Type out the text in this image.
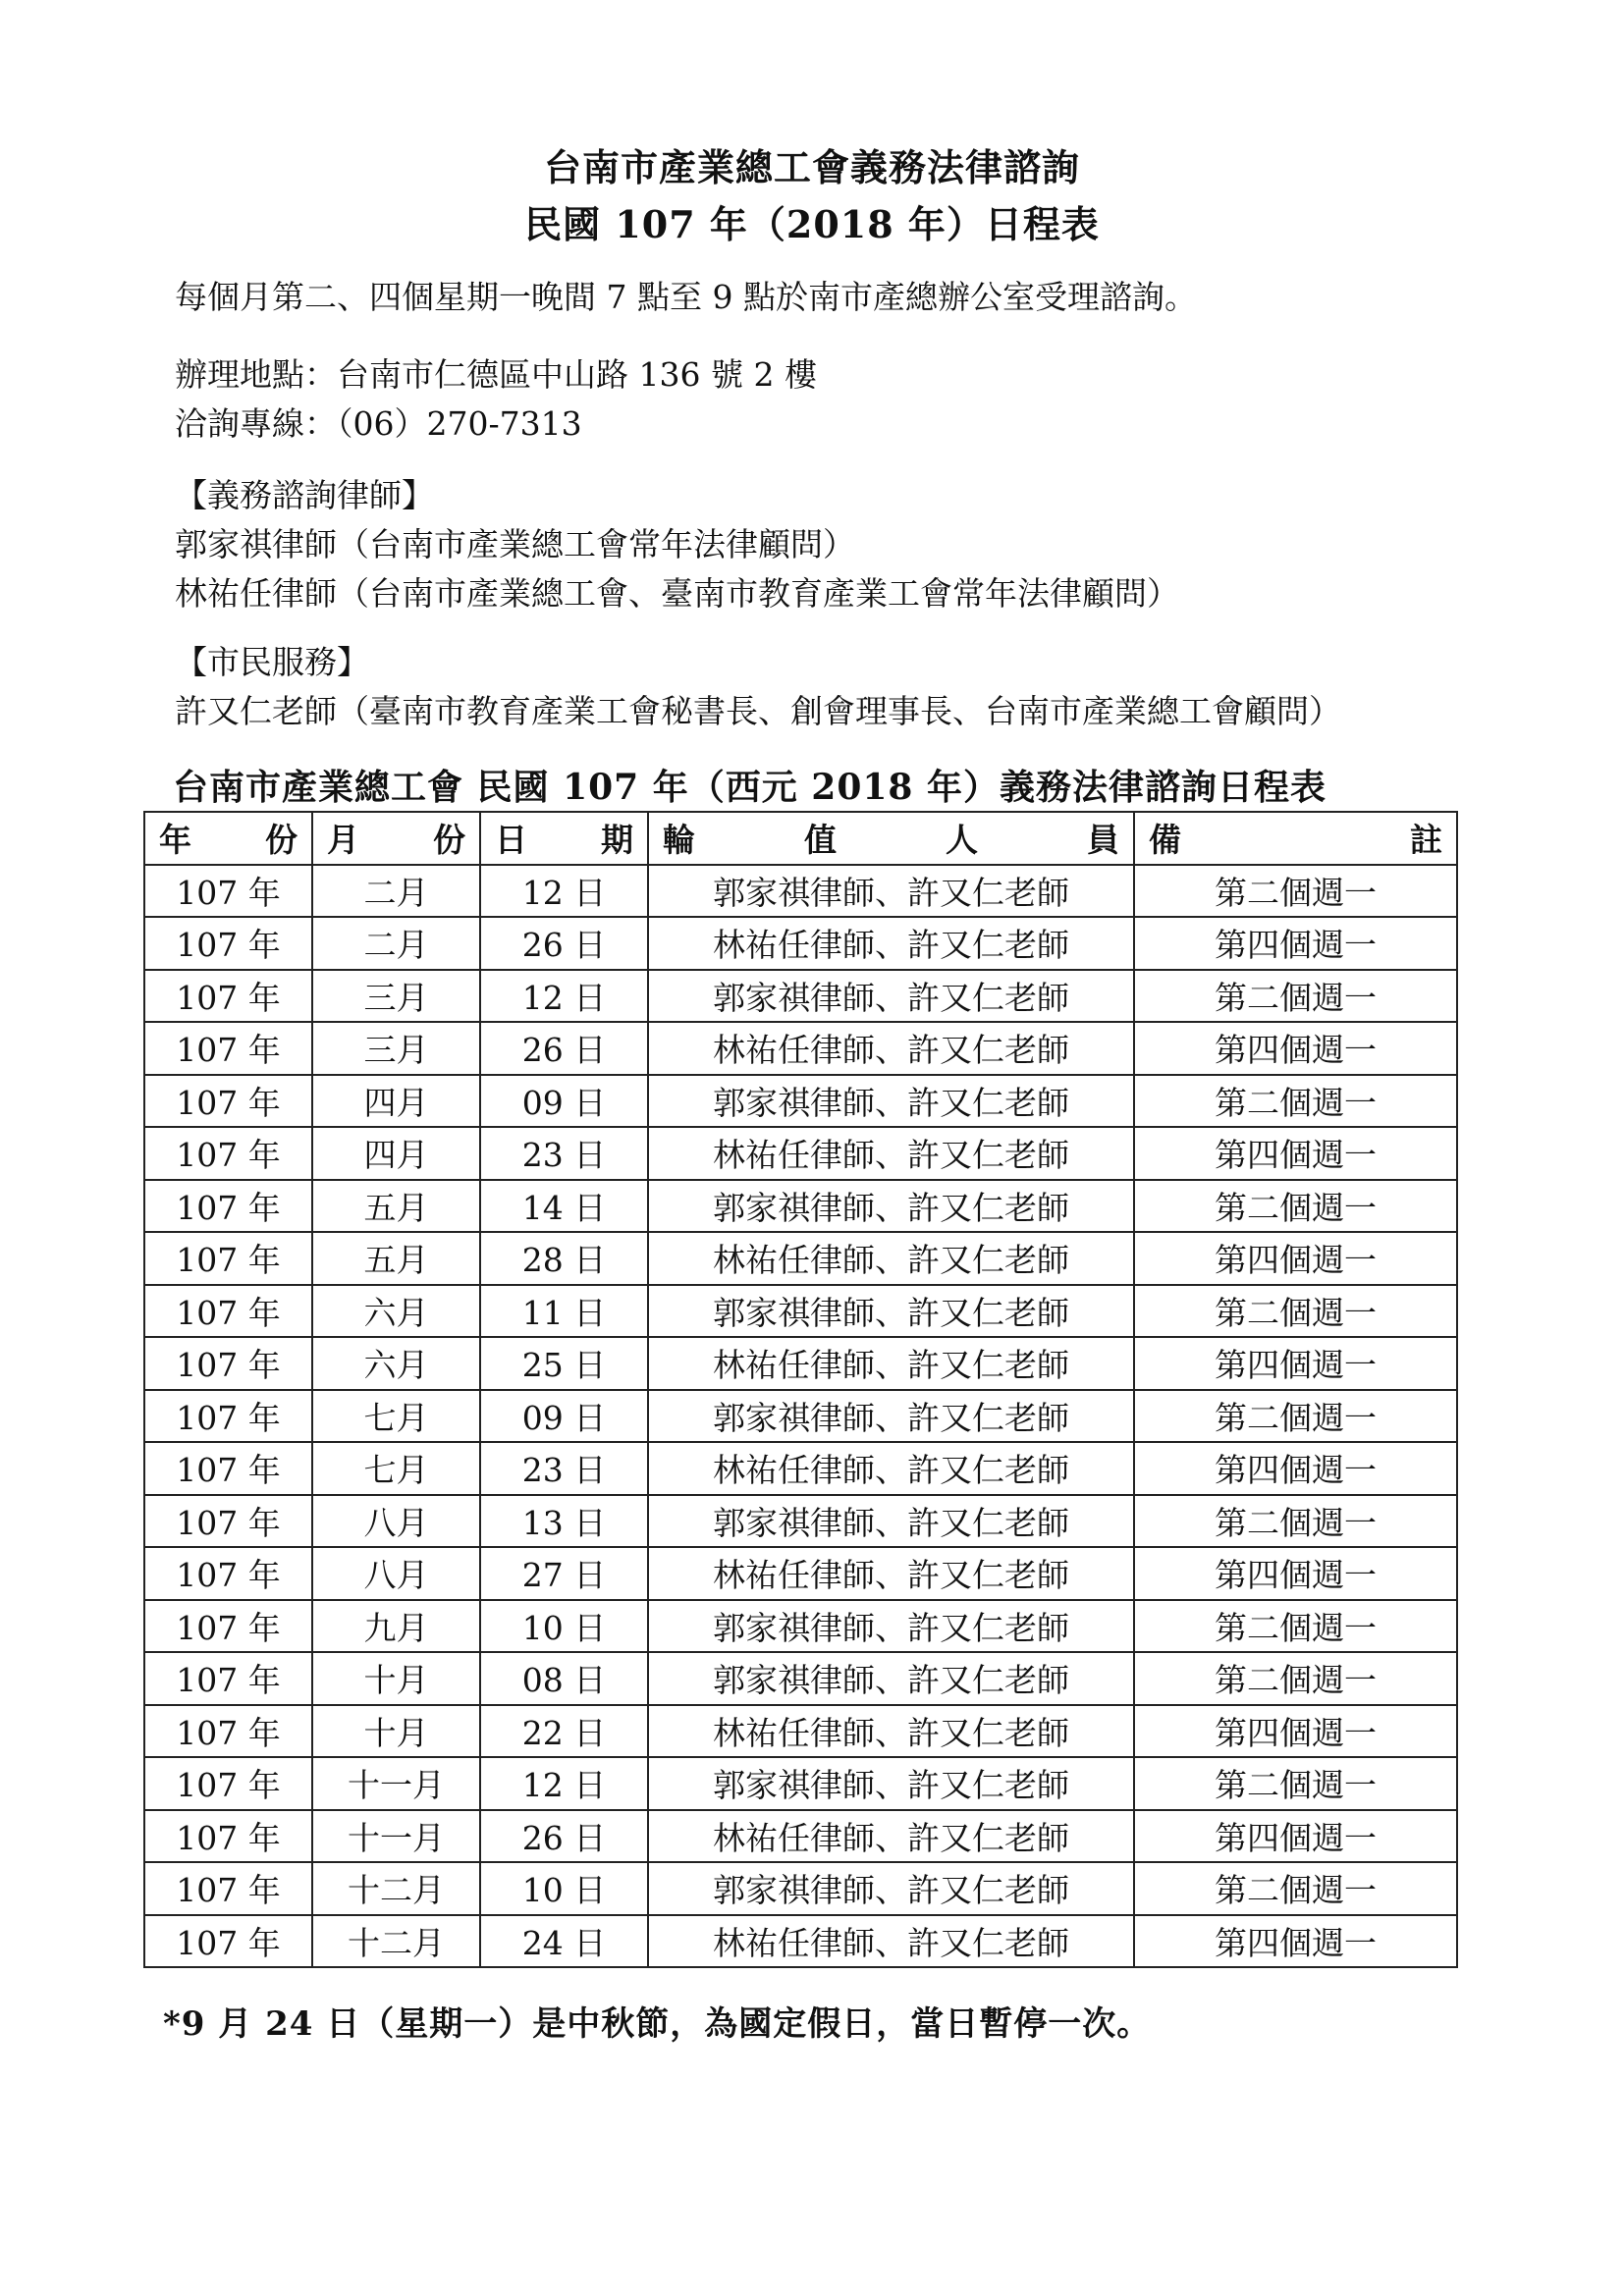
台南市產業總工會義務法律諮詢
民國 107 年（2018 年）日程表
每個月第二、四個星期一晚間 7 點至 9 點於南市產總辦公室受理諮詢。
辦理地點：台南市仁德區中山路 136 號 2 樓
洽詢專線：（06）270-7313
【義務諮詢律師】
郭家祺律師（台南市產業總工會常年法律顧問）
林祐任律師（台南市產業總工會、臺南市教育產業工會常年法律顧問）
【市民服務】
許又仁老師（臺南市教育產業工會秘書長、創會理事長、台南市產業總工會顧問）
台南市產業總工會 民國 107 年（西元 2018 年）義務法律諮詢日程表
年 份	月 份	日 期	輪 值 人 員	備 註

107 年	二月	12 日	郭家祺律師、許又仁老師	第二個週一
107 年	二月	26 日	林祐任律師、許又仁老師	第四個週一
107 年	三月	12 日	郭家祺律師、許又仁老師	第二個週一
107 年	三月	26 日	林祐任律師、許又仁老師	第四個週一
107 年	四月	09 日	郭家祺律師、許又仁老師	第二個週一
107 年	四月	23 日	林祐任律師、許又仁老師	第四個週一
107 年	五月	14 日	郭家祺律師、許又仁老師	第二個週一
107 年	五月	28 日	林祐任律師、許又仁老師	第四個週一
107 年	六月	11 日	郭家祺律師、許又仁老師	第二個週一
107 年	六月	25 日	林祐任律師、許又仁老師	第四個週一
107 年	七月	09 日	郭家祺律師、許又仁老師	第二個週一
107 年	七月	23 日	林祐任律師、許又仁老師	第四個週一
107 年	八月	13 日	郭家祺律師、許又仁老師	第二個週一
107 年	八月	27 日	林祐任律師、許又仁老師	第四個週一
107 年	九月	10 日	郭家祺律師、許又仁老師	第二個週一
107 年	十月	08 日	郭家祺律師、許又仁老師	第二個週一
107 年	十月	22 日	林祐任律師、許又仁老師	第四個週一
107 年	十一月	12 日	郭家祺律師、許又仁老師	第二個週一
107 年	十一月	26 日	林祐任律師、許又仁老師	第四個週一
107 年	十二月	10 日	郭家祺律師、許又仁老師	第二個週一
107 年	十二月	24 日	林祐任律師、許又仁老師	第四個週一
*9 月 24 日（星期一）是中秋節，為國定假日，當日暫停一次。
